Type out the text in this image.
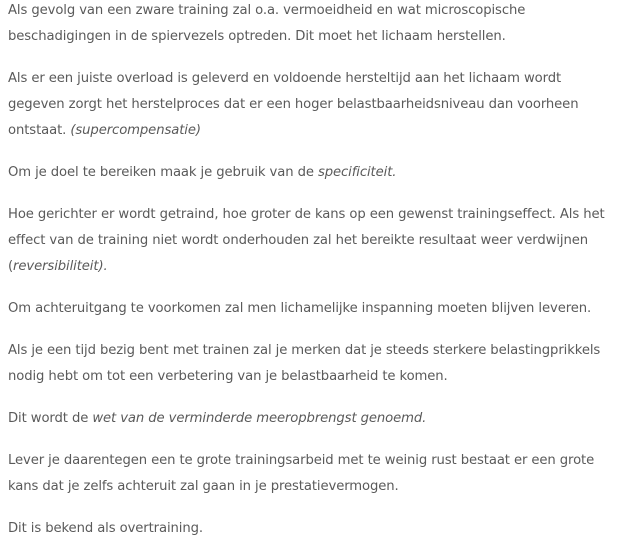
Als gevolg van een zware training zal o.a. vermoeidheid en wat microscopische beschadigingen in de spiervezels optreden. Dit moet het lichaam herstellen.

Als er een juiste overload is geleverd en voldoende hersteltijd aan het lichaam wordt gegeven zorgt het herstelproces dat er een hoger belastbaarheidsniveau dan voorheen ontstaat. (supercompensatie)

Om je doel te bereiken maak je gebruik van de specificiteit.

Hoe gerichter er wordt getraind, hoe groter de kans op een gewenst trainingseffect. Als het effect van de training niet wordt onderhouden zal het bereikte resultaat weer verdwijnen (reversibiliteit).

Om achteruitgang te voorkomen zal men lichamelijke inspanning moeten blijven leveren.

Als je een tijd bezig bent met trainen zal je merken dat je steeds sterkere belastingprikkels nodig hebt om tot een verbetering van je belastbaarheid te komen.

Dit wordt de wet van de verminderde meeropbrengst genoemd.

Lever je daarentegen een te grote trainingsarbeid met te weinig rust bestaat er een grote kans dat je zelfs achteruit zal gaan in je prestatievermogen.

Dit is bekend als overtraining.
